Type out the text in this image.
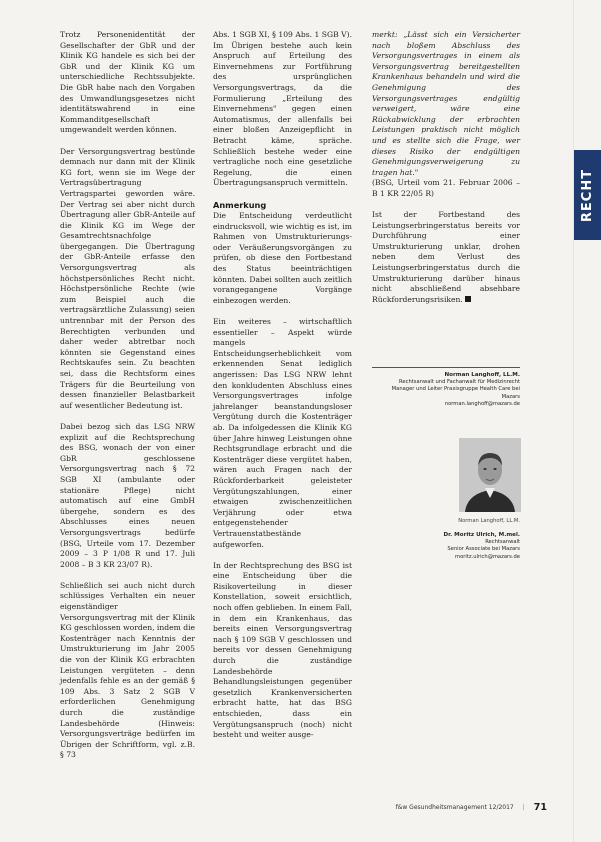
RECHT

Trotz Personenidentität der Gesellschafter der GbR und der Klinik KG handele es sich bei der GbR und der Klinik KG um unterschiedliche Rechtssubjekte. Die GbR habe nach den Vorgaben des Umwandlungsgesetzes nicht identitätswahrend in eine Kommanditgesellschaft umgewandelt werden können.

Der Versorgungsvertrag bestünde demnach nur dann mit der Klinik KG fort, wenn sie im Wege der Vertragsübertragung Vertragspartei geworden wäre. Der Vertrag sei aber nicht durch Übertragung aller GbR-Anteile auf die Klinik KG im Wege der Gesamtrechtsnachfolge übergegangen. Die Übertragung der GbR-Anteile erfasse den Versorgungsvertrag als höchstpersönliches Recht nicht. Höchstpersönliche Rechte (wie zum Beispiel auch die vertragsärztliche Zulassung) seien untrennbar mit der Person des Berechtigten verbunden und daher weder abtretbar noch könnten sie Gegenstand eines Rechtskaufes sein. Zu beachten sei, dass die Rechtsform eines Trägers für die Beurteilung von dessen finanzieller Belastbarkeit auf wesentlicher Bedeutung ist.

Dabei bezog sich das LSG NRW explizit auf die Rechtsprechung des BSG, wonach der von einer GbR geschlossene Versorgungsvertrag nach § 72 SGB XI (ambulante oder stationäre Pflege) nicht automatisch auf eine GmbH übergehe, sondern es des Abschlusses eines neuen Versorgungsvertrags bedürfe (BSG, Urteile vom 17. Dezember 2009 – 3 P 1/08 R und 17. Juli 2008 – B 3 KR 23/07 R).

Schließlich sei auch nicht durch schlüssiges Verhalten ein neuer eigenständiger Versorgungsvertrag mit der Klinik KG geschlossen worden, indem die Kostenträger nach Kenntnis der Umstrukturierung im Jahr 2005 die von der Klinik KG erbrachten Leistungen vergüteten – denn jedenfalls fehle es an der gemäß § 109 Abs. 3 Satz 2 SGB V erforderlichen Genehmigung durch die zuständige Landesbehörde (Hinweis: Versorgungsverträge bedürfen im Übrigen der Schriftform, vgl. z.B. § 73

Abs. 1 SGB XI, § 109 Abs. 1 SGB V). Im Übrigen bestehe auch kein Anspruch auf Erteilung des Einvernehmens zur Fortführung des ursprünglichen Versorgungsvertrags, da die Formulierung „Erteilung des Einvernehmens" gegen einen Automatismus, der allenfalls bei einer bloßen Anzeigepflicht in Betracht käme, spräche. Schließlich bestehe weder eine vertragliche noch eine gesetzliche Regelung, die einen Übertragungsanspruch vermitteln.

Anmerkung

Die Entscheidung verdeutlicht eindrucksvoll, wie wichtig es ist, im Rahmen von Umstrukturierungs- oder Veräußerungsvorgängen zu prüfen, ob diese den Fortbestand des Status beeinträchtigen könnten. Dabei sollten auch zeitlich vorangegangene Vorgänge einbezogen werden.

Ein weiteres – wirtschaftlich essentieller – Aspekt würde mangels Entscheidungserheblichkeit vom erkennenden Senat lediglich angerissen: Das LSG NRW lehnt den konkludenten Abschluss eines Versorgungsvertrages infolge jahrelanger beanstandungsloser Vergütung durch die Kostenträger ab. Da infolgedessen die Klinik KG über Jahre hinweg Leistungen ohne Rechtsgrundlage erbracht und die Kostenträger diese vergütet haben, wären auch Fragen nach der Rückforderbarkeit geleisteter Vergütungszahlungen, einer etwaigen zwischenzeitlichen Verjährung oder etwa entgegenstehender Vertrauenstatbestände aufgeworfen.

In der Rechtsprechung des BSG ist eine Entscheidung über die Risikoverteilung in dieser Konstellation, soweit ersichtlich, noch offen geblieben. In einem Fall, in dem ein Krankenhaus, das bereits einen Versorgungsvertrag nach § 109 SGB V geschlossen und bereits vor dessen Genehmigung durch die zuständige Landesbehörde Behandlungsleistungen gegenüber gesetzlich Krankenversicherten erbracht hatte, hat das BSG entschieden, dass ein Vergütungsanspruch (noch) nicht besteht und weiter ausge-

merkt: „Lässt sich ein Versicherter nach bloßem Abschluss des Versorgungsvertrages in einem als Versorgungsvertrag bereitgestellten Krankenhaus behandeln und wird die Genehmigung des Versorgungsvertrages endgültig verweigert, wäre eine Rückabwicklung der erbrachten Leistungen praktisch nicht möglich und es stellte sich die Frage, wer dieses Risiko der endgültigen Genehmigungsverweigerung zu tragen hat."

(BSG, Urteil vom 21. Februar 2006 – B 1 KR 22/05 R)

Ist der Fortbestand des Leistungserbringerstatus bereits vor Durchführung einer Umstrukturierung unklar, drohen neben dem Verlust des Leistungserbringerstatus durch die Umstrukturierung darüber hinaus nicht abschließend absehbare Rückforderungsrisiken.

Norman Langhoff, LL.M.
Rechtsanwalt und Fachanwalt für Medizinrecht
Manager und Leiter Praxisgruppe Health Care bei Mazars
norman.langhoff@mazars.de
Norman Langhoff, LL.M.
Dr. Moritz Ulrich, M.mel.
Rechtsanwalt
Senior Associate bei Mazars
moritz.ulrich@mazars.de
f&w Gesundheitsmanagement 12/2017 | 71
